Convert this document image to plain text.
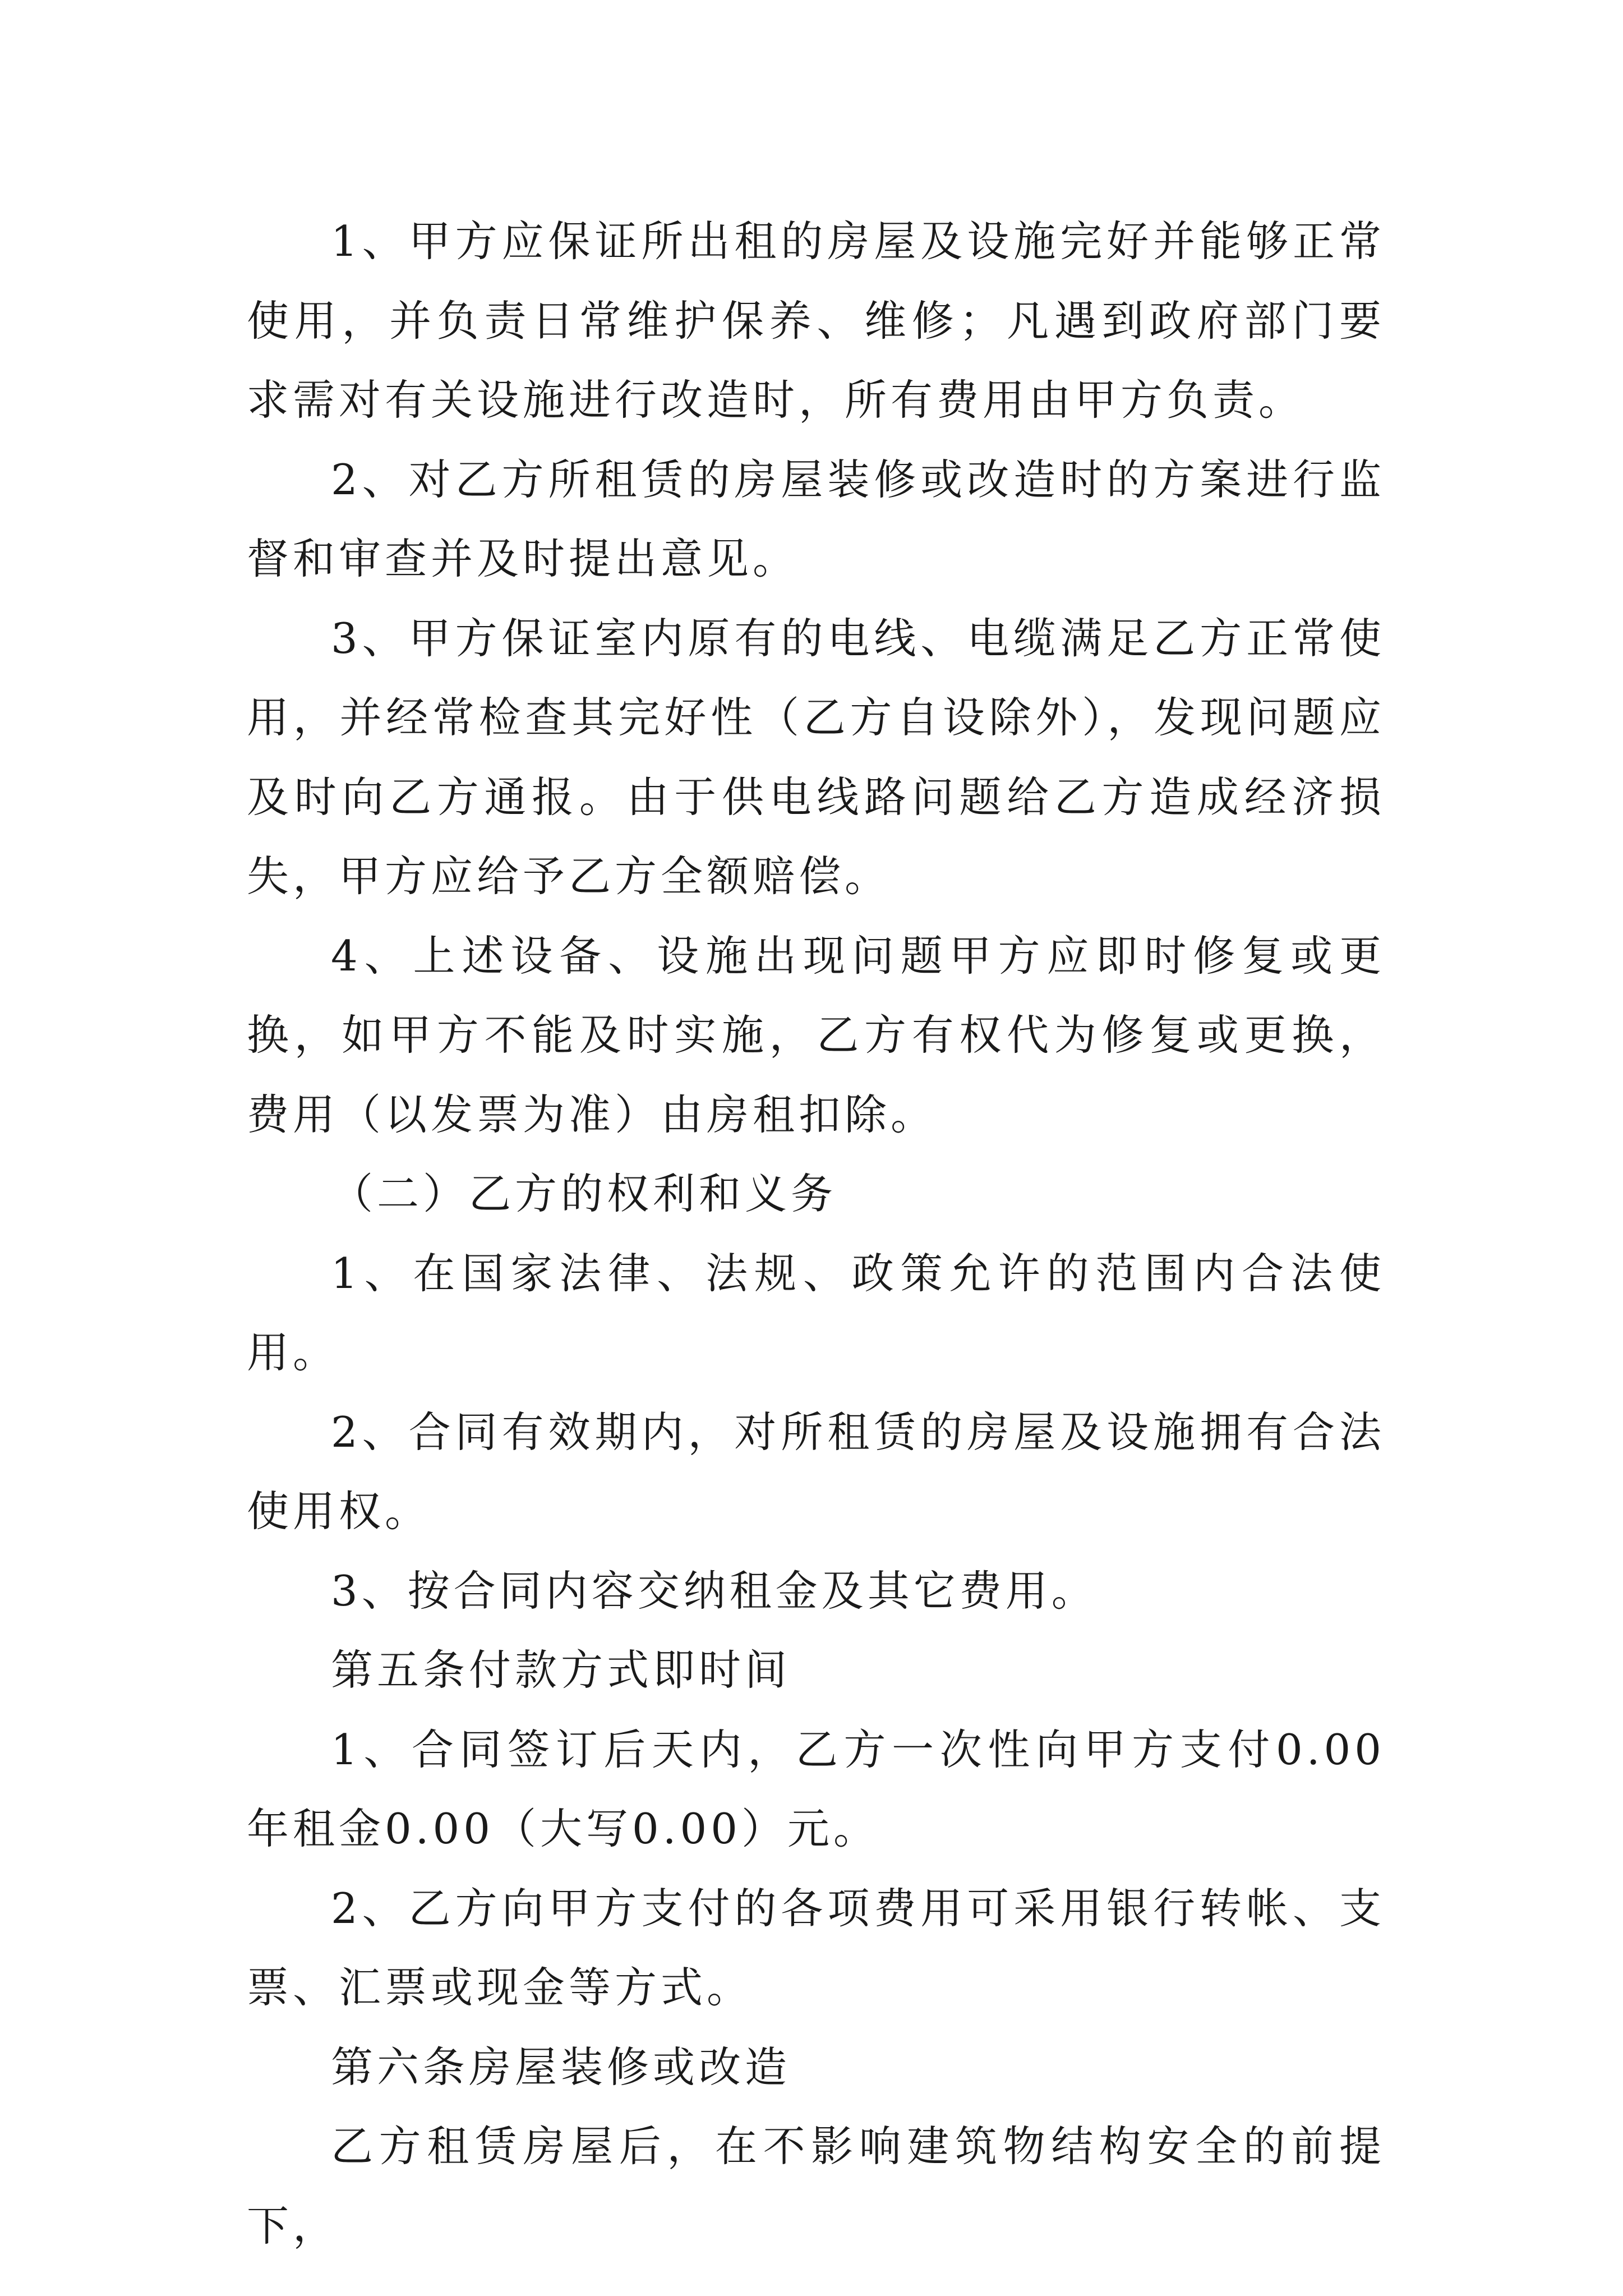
1、甲方应保证所出租的房屋及设施完好并能够正常使用，并负责日常维护保养、维修；凡遇到政府部门要求需对有关设施进行改造时，所有费用由甲方负责。

2、对乙方所租赁的房屋装修或改造时的方案进行监督和审查并及时提出意见。

3、甲方保证室内原有的电线、电缆满足乙方正常使用，并经常检查其完好性（乙方自设除外），发现问题应及时向乙方通报。由于供电线路问题给乙方造成经济损失，甲方应给予乙方全额赔偿。

4、上述设备、设施出现问题甲方应即时修复或更换，如甲方不能及时实施，乙方有权代为修复或更换，费用（以发票为准）由房租扣除。

（二）乙方的权利和义务

1、在国家法律、法规、政策允许的范围内合法使用。

2、合同有效期内，对所租赁的房屋及设施拥有合法使用权。

3、按合同内容交纳租金及其它费用。

第五条付款方式即时间

1、合同签订后天内，乙方一次性向甲方支付0.00年租金0.00（大写0.00）元。

2、乙方向甲方支付的各项费用可采用银行转帐、支票、汇票或现金等方式。

第六条房屋装修或改造

乙方租赁房屋后，在不影响建筑物结构安全的前提下，
